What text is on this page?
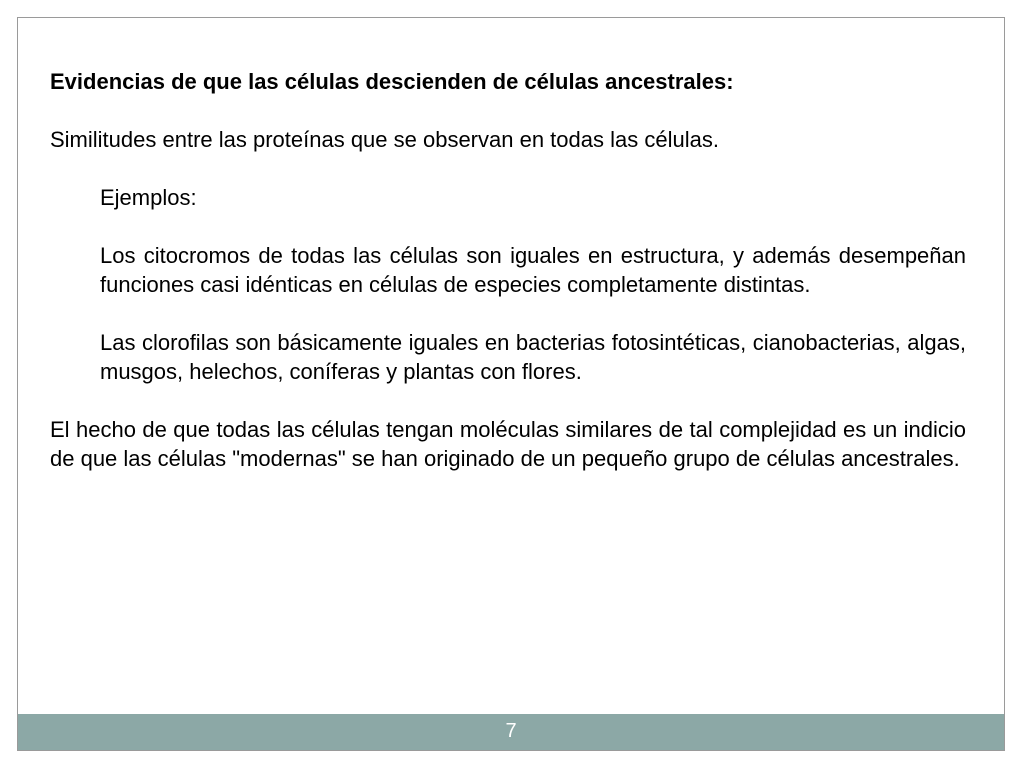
Evidencias de que las células descienden de células ancestrales:

Similitudes entre las proteínas que se observan en todas las células.

Ejemplos:

Los citocromos de todas las células son iguales en estructura, y además desempeñan funciones casi idénticas en células de especies completamente distintas.

Las clorofilas son básicamente iguales en bacterias fotosintéticas, cianobacterias, algas, musgos, helechos, coníferas y plantas con flores.

El hecho de que todas las células tengan moléculas similares de tal complejidad es un indicio de que las células "modernas" se han originado de un pequeño grupo de células ancestrales.

7
